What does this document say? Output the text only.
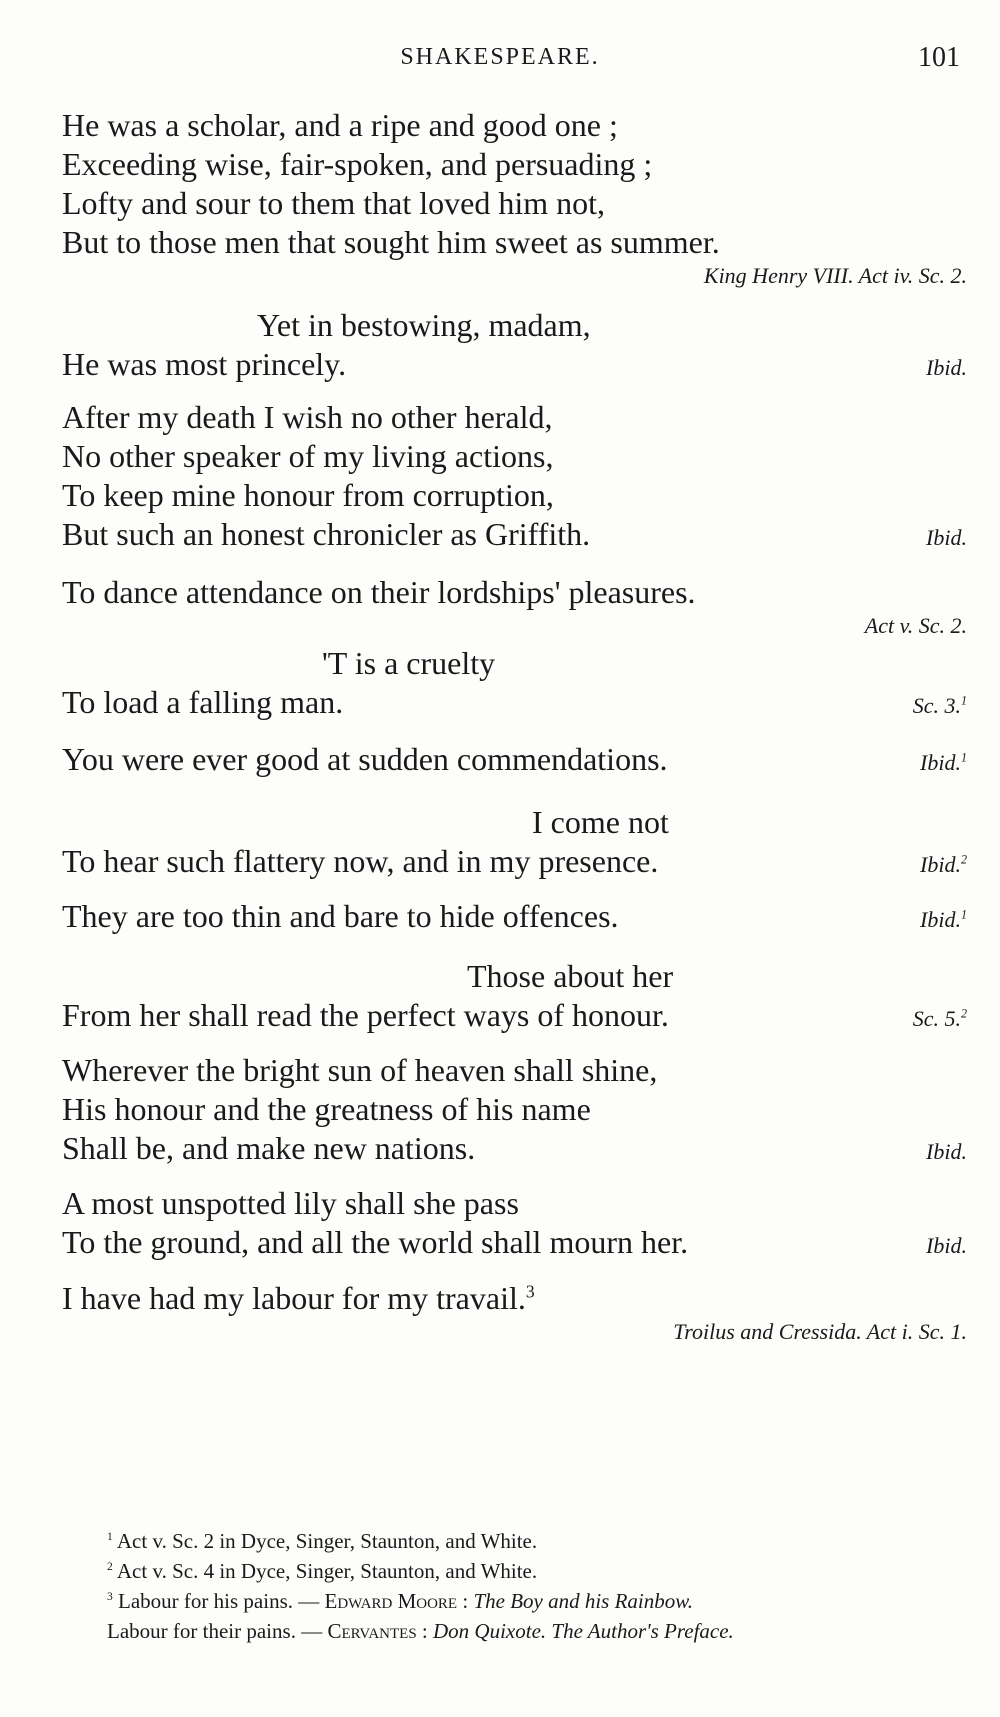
SHAKESPEARE.	101
He was a scholar, and a ripe and good one ;
Exceeding wise, fair-spoken, and persuading ;
Lofty and sour to them that loved him not,
But to those men that sought him sweet as summer.
King Henry VIII. Act iv. Sc. 2.
Yet in bestowing, madam,
He was most princely.	Ibid.
After my death I wish no other herald,
No other speaker of my living actions,
To keep mine honour from corruption,
But such an honest chronicler as Griffith.	Ibid.
To dance attendance on their lordships' pleasures.
Act v. Sc. 2.
'T is a cruelty
To load a falling man.	Sc. 3.$^1$
You were ever good at sudden commendations.	Ibid.$^1$
I come not
To hear such flattery now, and in my presence.	Ibid.$^2$
They are too thin and bare to hide offences.	Ibid.$^1$
Those about her
From her shall read the perfect ways of honour.	Sc. 5.$^2$
Wherever the bright sun of heaven shall shine,
His honour and the greatness of his name
Shall be, and make new nations.	Ibid.
A most unspotted lily shall she pass
To the ground, and all the world shall mourn her.	Ibid.
I have had my labour for my travail.$^3$
Troilus and Cressida. Act i. Sc. 1.
$^1$ Act v. Sc. 2 in Dyce, Singer, Staunton, and White.
$^2$ Act v. Sc. 4 in Dyce, Singer, Staunton, and White.
$^3$ Labour for his pains. — Edward Moore : The Boy and his Rainbow.
Labour for their pains. — Cervantes : Don Quixote. The Author's Preface.
